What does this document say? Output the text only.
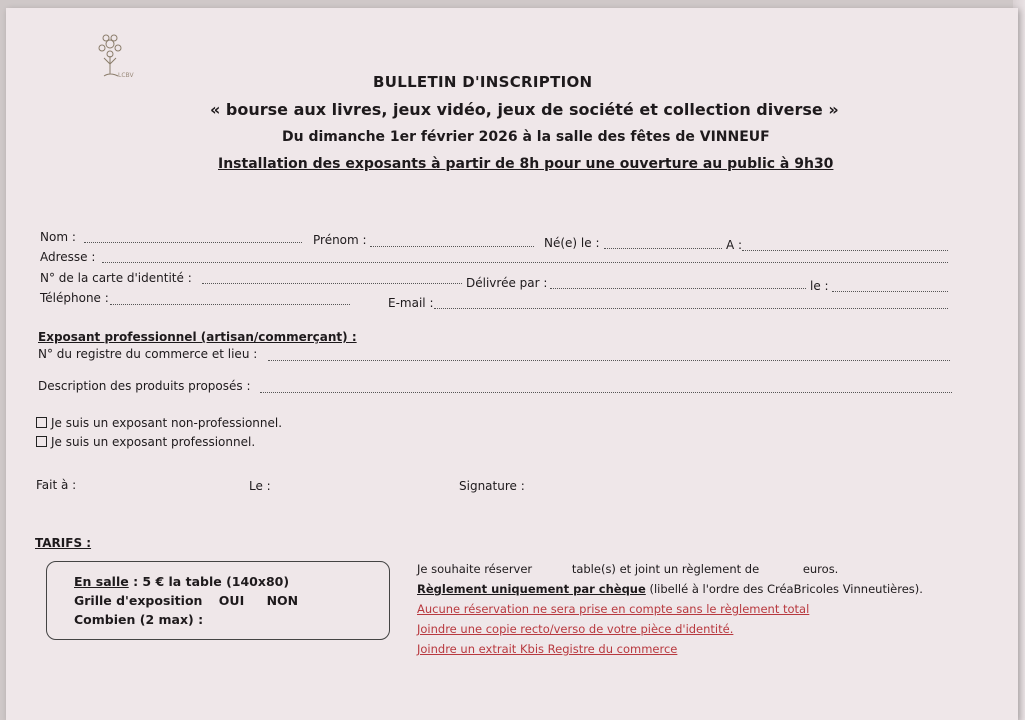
LCBV	BULLETIN D'INSCRIPTION
« bourse aux livres, jeux vidéo, jeux de société et collection diverse »
Du dimanche 1er février 2026 à la salle des fêtes de VINNEUF
Installation des exposants à partir de 8h pour une ouverture au public à 9h30
Nom :	Prénom :	Né(e) le :	A :
Adresse :
N° de la carte d'identité :	Délivrée par :	le :
Téléphone :	E-mail :
Exposant professionnel (artisan/commerçant) :
N° du registre du commerce et lieu :
Description des produits proposés :
Je suis un exposant non-professionnel.
Je suis un exposant professionnel.
Fait à :	Le :	Signature :
TARIFS :
En salle : 5 € la table (140x80)
Grille d'exposition OUI NON
Combien (2 max) :
Je souhaite réserver	table(s) et joint un règlement de	euros.
Règlement uniquement par chèque (libellé à l'ordre des CréaBricoles Vinneutières).
Aucune réservation ne sera prise en compte sans le règlement total
Joindre une copie recto/verso de votre pièce d'identité.
Joindre un extrait Kbis Registre du commerce
